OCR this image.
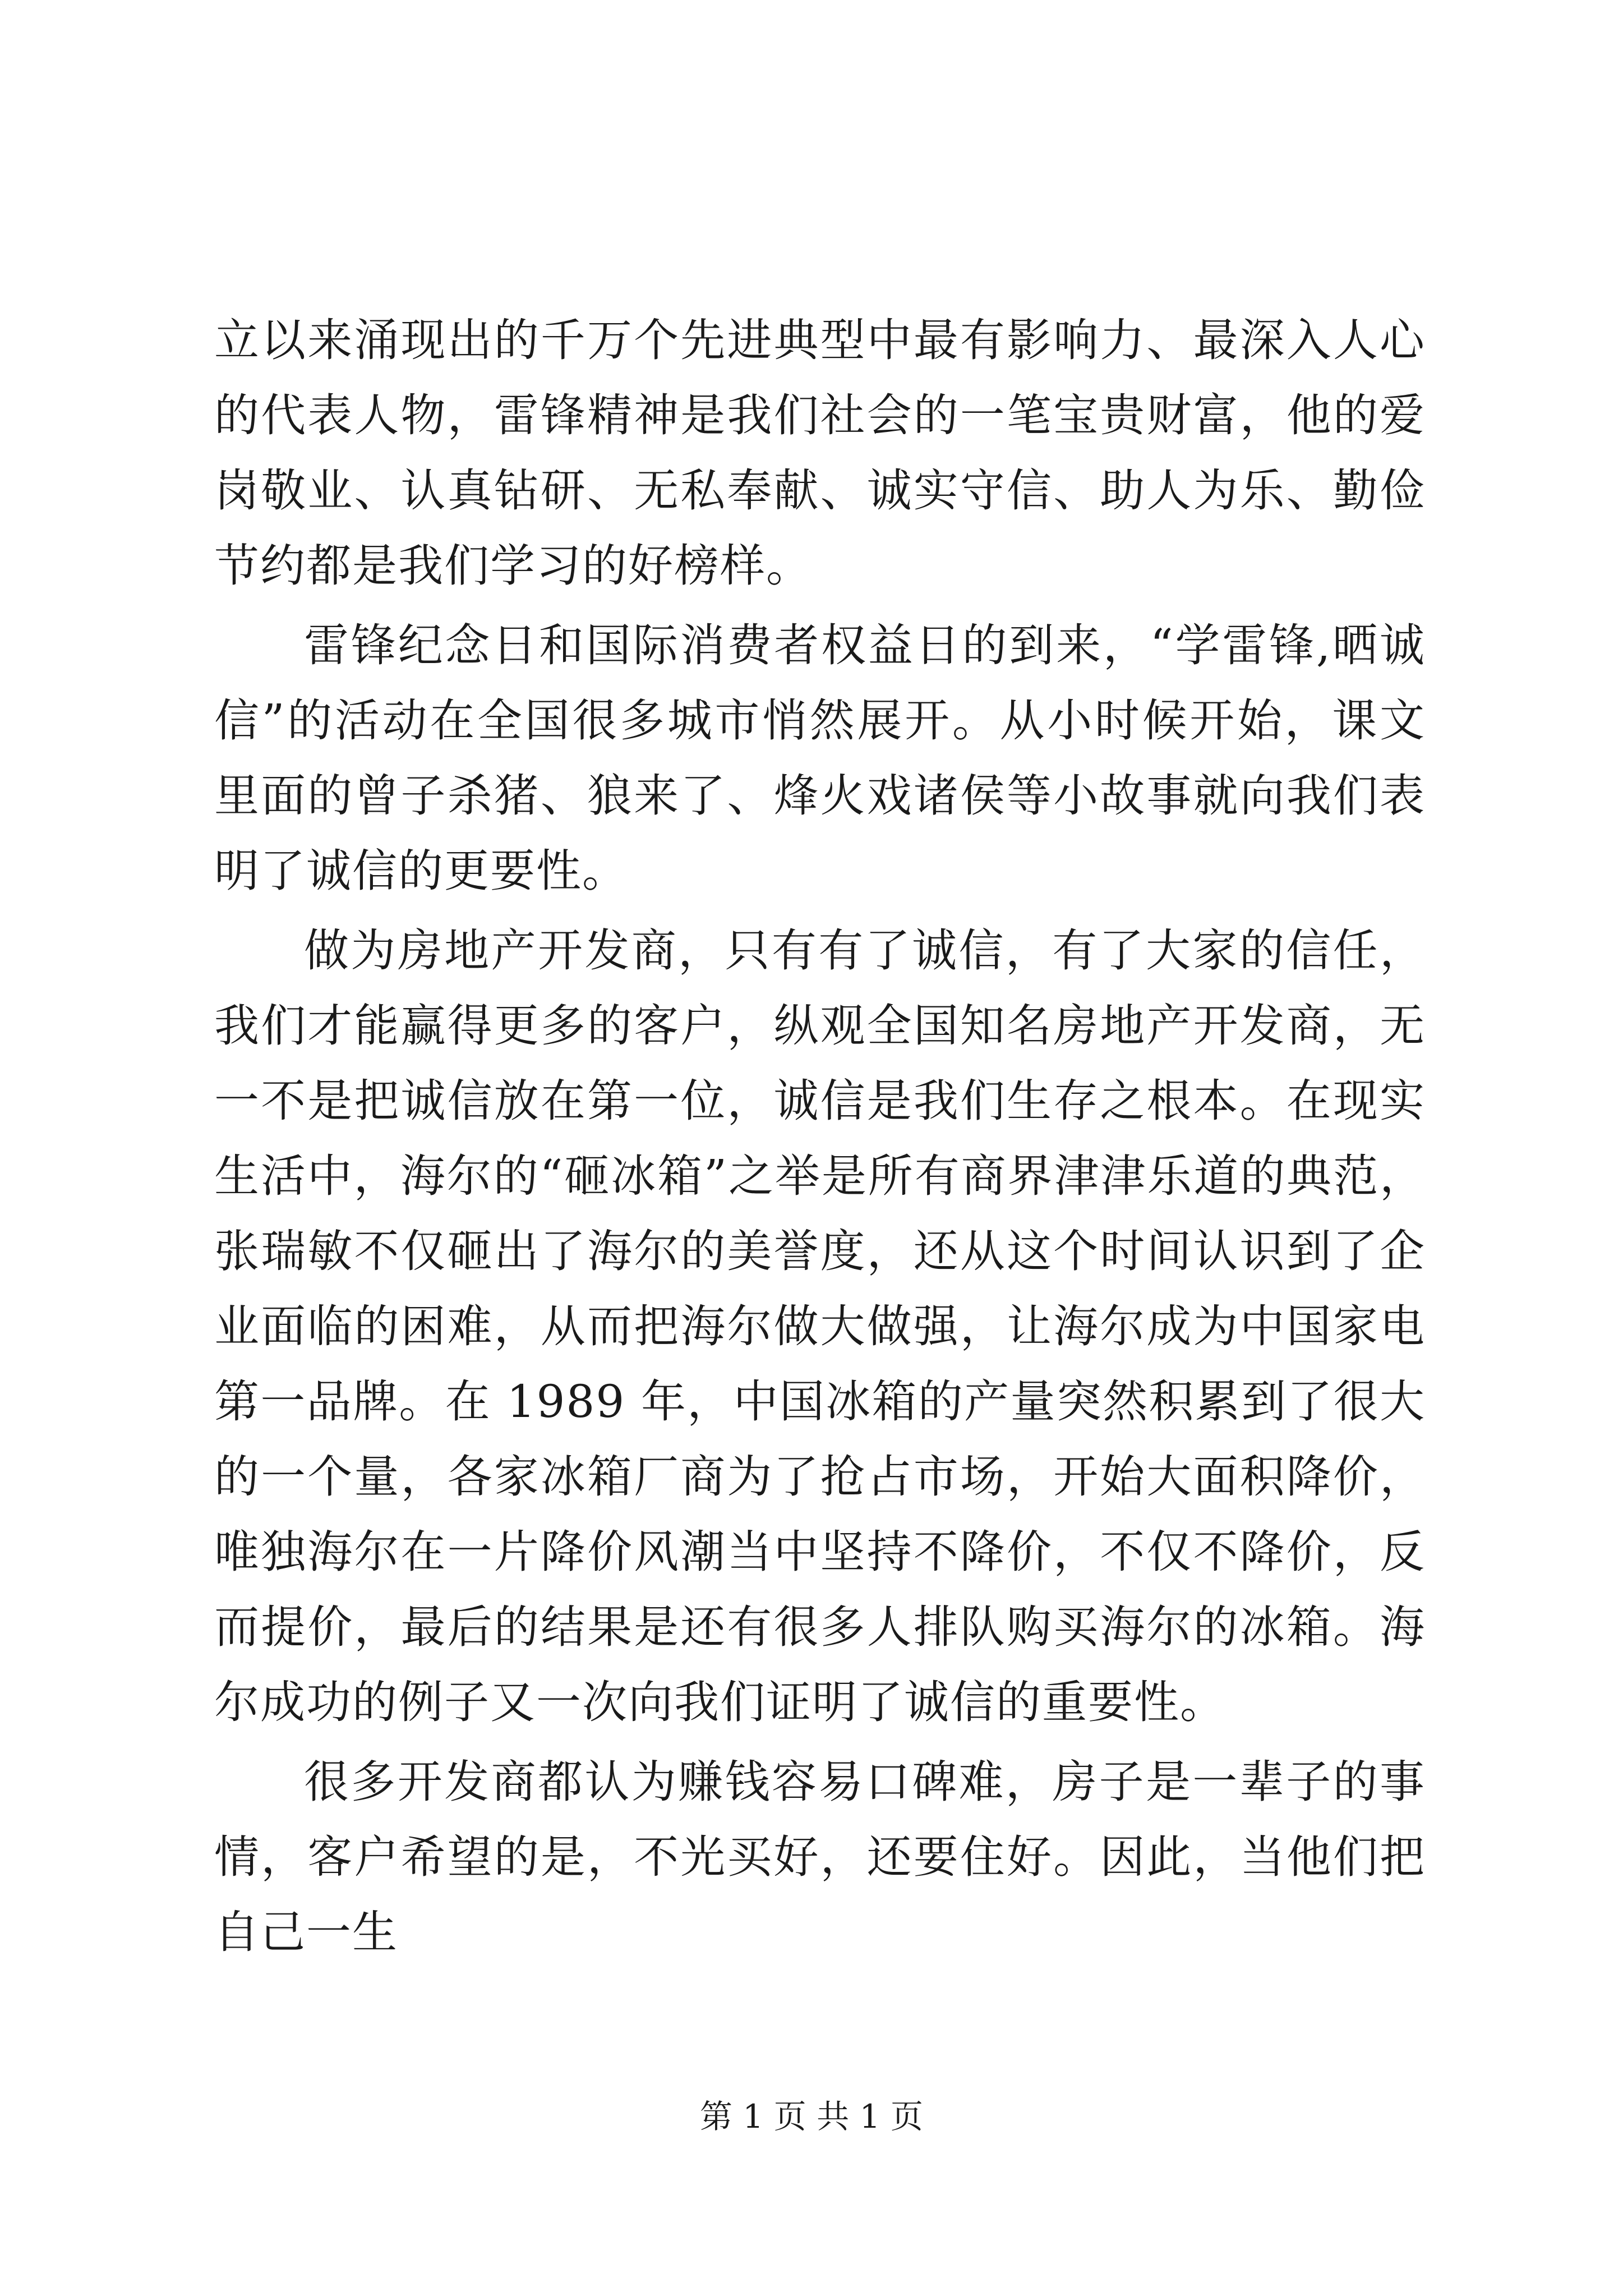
立以来涌现出的千万个先进典型中最有影响力、最深入人心的代表人物，雷锋精神是我们社会的一笔宝贵财富，他的爱岗敬业、认真钻研、无私奉献、诚实守信、助人为乐、勤俭节约都是我们学习的好榜样。

雷锋纪念日和国际消费者权益日的到来，“学雷锋,晒诚信”的活动在全国很多城市悄然展开。从小时候开始，课文里面的曾子杀猪、狼来了、烽火戏诸侯等小故事就向我们表明了诚信的更要性。

做为房地产开发商，只有有了诚信，有了大家的信任，我们才能赢得更多的客户，纵观全国知名房地产开发商，无一不是把诚信放在第一位，诚信是我们生存之根本。在现实生活中，海尔的“砸冰箱”之举是所有商界津津乐道的典范，张瑞敏不仅砸出了海尔的美誉度，还从这个时间认识到了企业面临的困难，从而把海尔做大做强，让海尔成为中国家电第一品牌。在 1989 年，中国冰箱的产量突然积累到了很大的一个量，各家冰箱厂商为了抢占市场，开始大面积降价，唯独海尔在一片降价风潮当中坚持不降价，不仅不降价，反而提价，最后的结果是还有很多人排队购买海尔的冰箱。海尔成功的例子又一次向我们证明了诚信的重要性。

很多开发商都认为赚钱容易口碑难，房子是一辈子的事情，客户希望的是，不光买好，还要住好。因此，当他们把自己一生

第 1 页 共 1 页
